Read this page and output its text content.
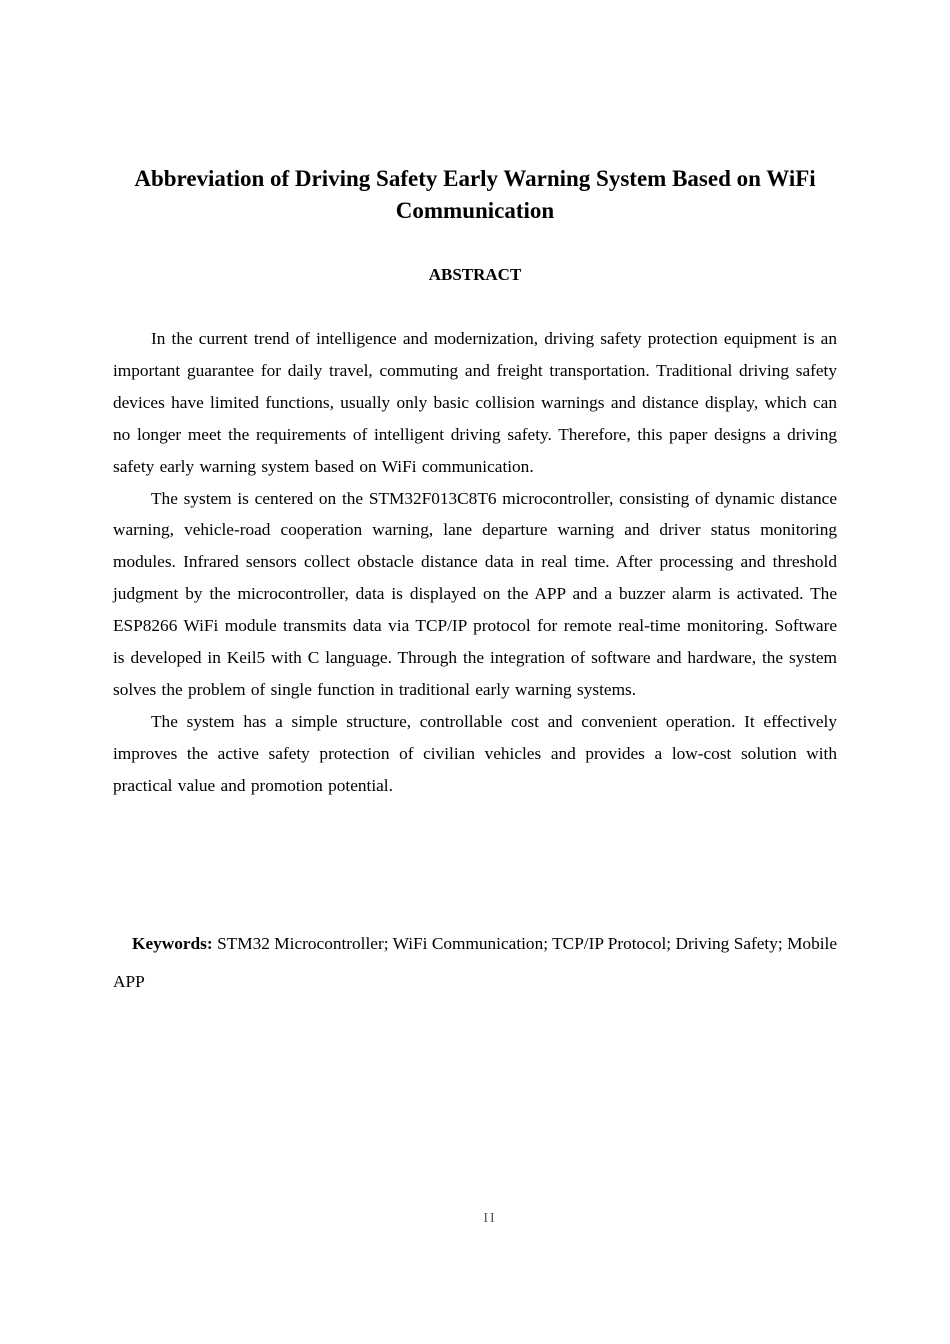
Abbreviation of Driving Safety Early Warning System Based on WiFi Communication
ABSTRACT

In the current trend of intelligence and modernization, driving safety protection equipment is an important guarantee for daily travel, commuting and freight transportation. Traditional driving safety devices have limited functions, usually only basic collision warnings and distance display, which can no longer meet the requirements of intelligent driving safety. Therefore, this paper designs a driving safety early warning system based on WiFi communication.

The system is centered on the STM32F013C8T6 microcontroller, consisting of dynamic distance warning, vehicle-road cooperation warning, lane departure warning and driver status monitoring modules. Infrared sensors collect obstacle distance data in real time. After processing and threshold judgment by the microcontroller, data is displayed on the APP and a buzzer alarm is activated. The ESP8266 WiFi module transmits data via TCP/IP protocol for remote real-time monitoring. Software is developed in Keil5 with C language. Through the integration of software and hardware, the system solves the problem of single function in traditional early warning systems.

The system has a simple structure, controllable cost and convenient operation. It effectively improves the active safety protection of civilian vehicles and provides a low-cost solution with practical value and promotion potential.

Keywords: STM32 Microcontroller; WiFi Communication; TCP/IP Protocol; Driving Safety; Mobile APP

II
